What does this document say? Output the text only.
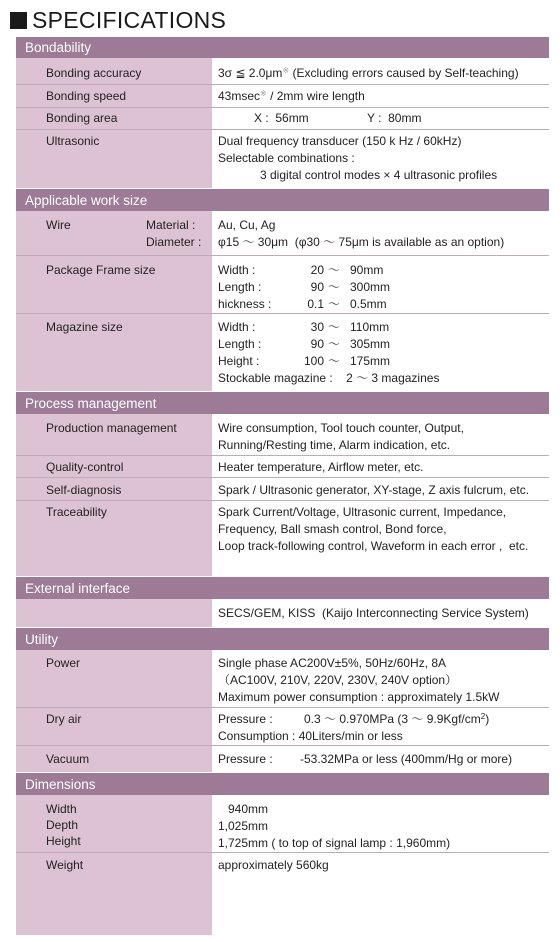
SPECIFICATIONS
Bondability
Applicable work size
Process management
External interface
Utility
Dimensions
Bonding accuracy	3σ ≦ 2.0μm※ (Excluding errors caused by Self-teaching)
Bonding speed	43msec※ / 2mm wire length
Bonding area	X :  56mm	Y :  80mm
Ultrasonic	Dual frequency transducer (150 k Hz / 60kHz)
Selectable combinations :
3 digital control modes × 4 ultrasonic profiles
Wire	Material : Au, Cu, Ag
Diameter : φ15 ～ 30μm  (φ30 ～ 75μm is available as an option)
Package Frame size	Width :	20 ～ 90mm
Length :	90 ～ 300mm
hickness :	0.1 ～ 0.5mm
Magazine size	Width :	30 ～ 110mm
Length :	90 ～ 305mm
Height :	100 ～ 175mm
Stockable magazine :    2 ～ 3 magazines
Production management	Wire consumption, Tool touch counter, Output,
Running/Resting time, Alarm indication, etc.
Quality-control	Heater temperature, Airflow meter, etc.
Self-diagnosis	Spark / Ultrasonic generator, XY-stage, Z axis fulcrum, etc.
Traceability	Spark Current/Voltage, Ultrasonic current, Impedance,
Frequency, Ball smash control, Bond force,
Loop track-following control, Waveform in each error ,  etc.
SECS/GEM, KISS  (Kaijo Interconnecting Service System)
Power	Single phase AC200V±5%, 50Hz/60Hz, 8A
（AC100V, 210V, 220V, 230V, 240V option）
Maximum power consumption : approximately 1.5kW
Dry air	Pressure :	0.3 ～ 0.970MPa (3 ～ $9.9Kgf/cm^2$)
Consumption : 40Liters/min or less
Vacuum	Pressure : -53.32MPa or less (400mm/Hg or more)
Width	940mm
Depth	1,025mm
Height	1,725mm ( to top of signal lamp : 1,960mm)
Weight	approximately 560kg
